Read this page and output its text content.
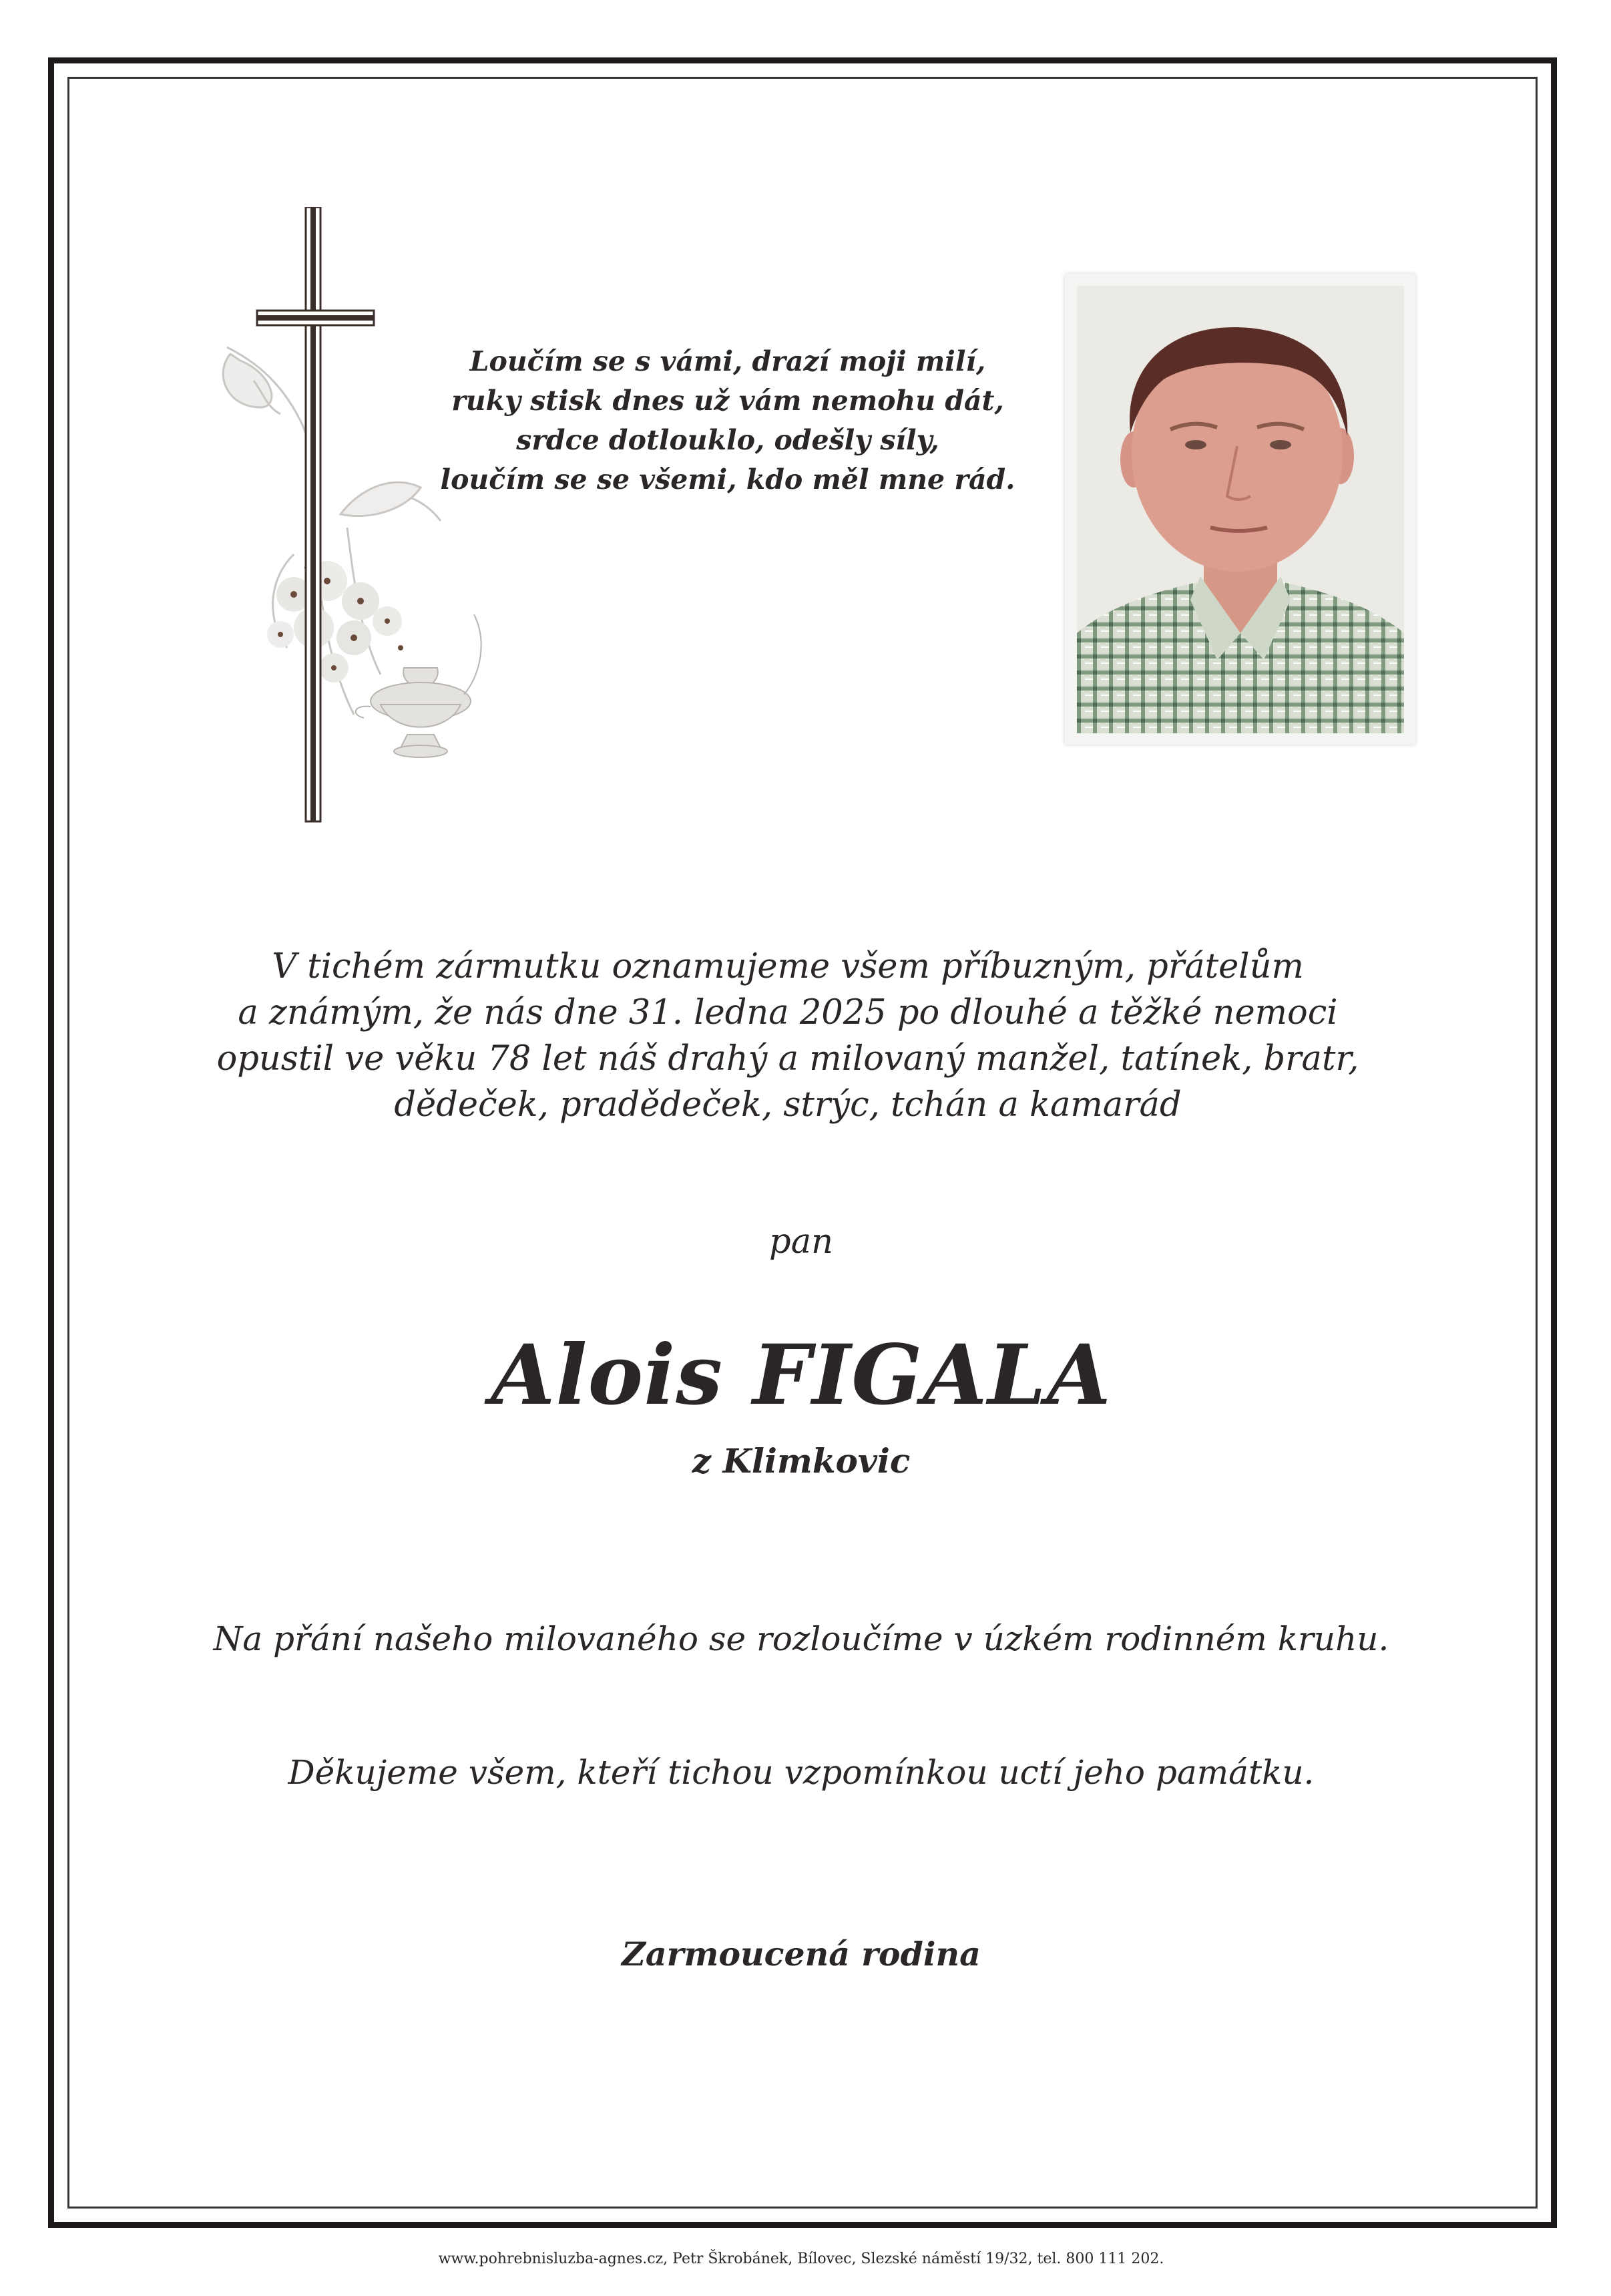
Loučím se s vámi, drazí moji milí,
ruky stisk dnes už vám nemohu dát,
srdce dotlouklo, odešly síly,
loučím se se všemi, kdo měl mne rád.
V tichém zármutku oznamujeme všem příbuzným, přátelům
a známým, že nás dne 31. ledna 2025 po dlouhé a těžké nemoci
opustil ve věku 78 let náš drahý a milovaný manžel, tatínek, bratr,
dědeček, pradědeček, strýc, tchán a kamarád
pan
Alois FIGALA
z Klimkovic
Na přání našeho milovaného se rozloučíme v úzkém rodinném kruhu.
Děkujeme všem, kteří tichou vzpomínkou uctí jeho památku.
Zarmoucená rodina
www.pohrebnisluzba-agnes.cz, Petr Škrobánek, Bílovec, Slezské náměstí 19/32, tel. 800 111 202.
